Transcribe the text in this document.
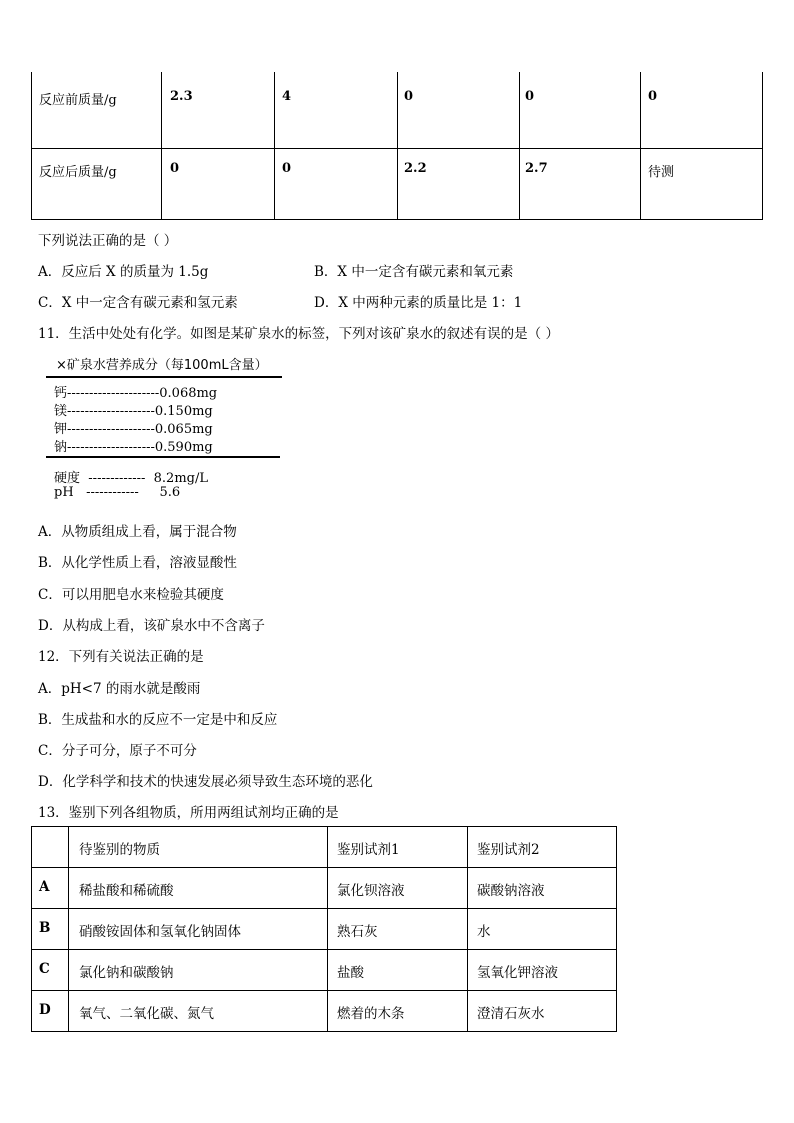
反应前质量/g	2.3	4	0	0	0
反应后质量/g	0	0	2.2	2.7	待测
下列说法正确的是（ ）
A．反应后 X 的质量为 1.5g	B．X 中一定含有碳元素和氧元素
C．X 中一定含有碳元素和氢元素	D．X 中两种元素的质量比是 1：1
11．生活中处处有化学。如图是某矿泉水的标签，下列对该矿泉水的叙述有误的是（ ）
×矿泉水营养成分（每100mL含量）
钙---------------------0.068mg
镁--------------------0.150mg
钾--------------------0.065mg
钠--------------------0.590mg
硬度 ------------- 8.2mg/L
pH ------------ 5.6
A．从物质组成上看，属于混合物
B．从化学性质上看，溶液显酸性
C．可以用肥皂水来检验其硬度
D．从构成上看，该矿泉水中不含离子
12．下列有关说法正确的是
A．pH<7 的雨水就是酸雨
B．生成盐和水的反应不一定是中和反应
C．分子可分，原子不可分
D．化学科学和技术的快速发展必须导致生态环境的恶化
13．鉴别下列各组物质，所用两组试剂均正确的是
待鉴别的物质	鉴别试剂1	鉴别试剂2
A 稀盐酸和稀硫酸	氯化钡溶液	碳酸钠溶液
B 硝酸铵固体和氢氧化钠固体	熟石灰	水
C 氯化钠和碳酸钠	盐酸	氢氧化钾溶液
D 氧气、二氧化碳、氮气	燃着的木条	澄清石灰水
